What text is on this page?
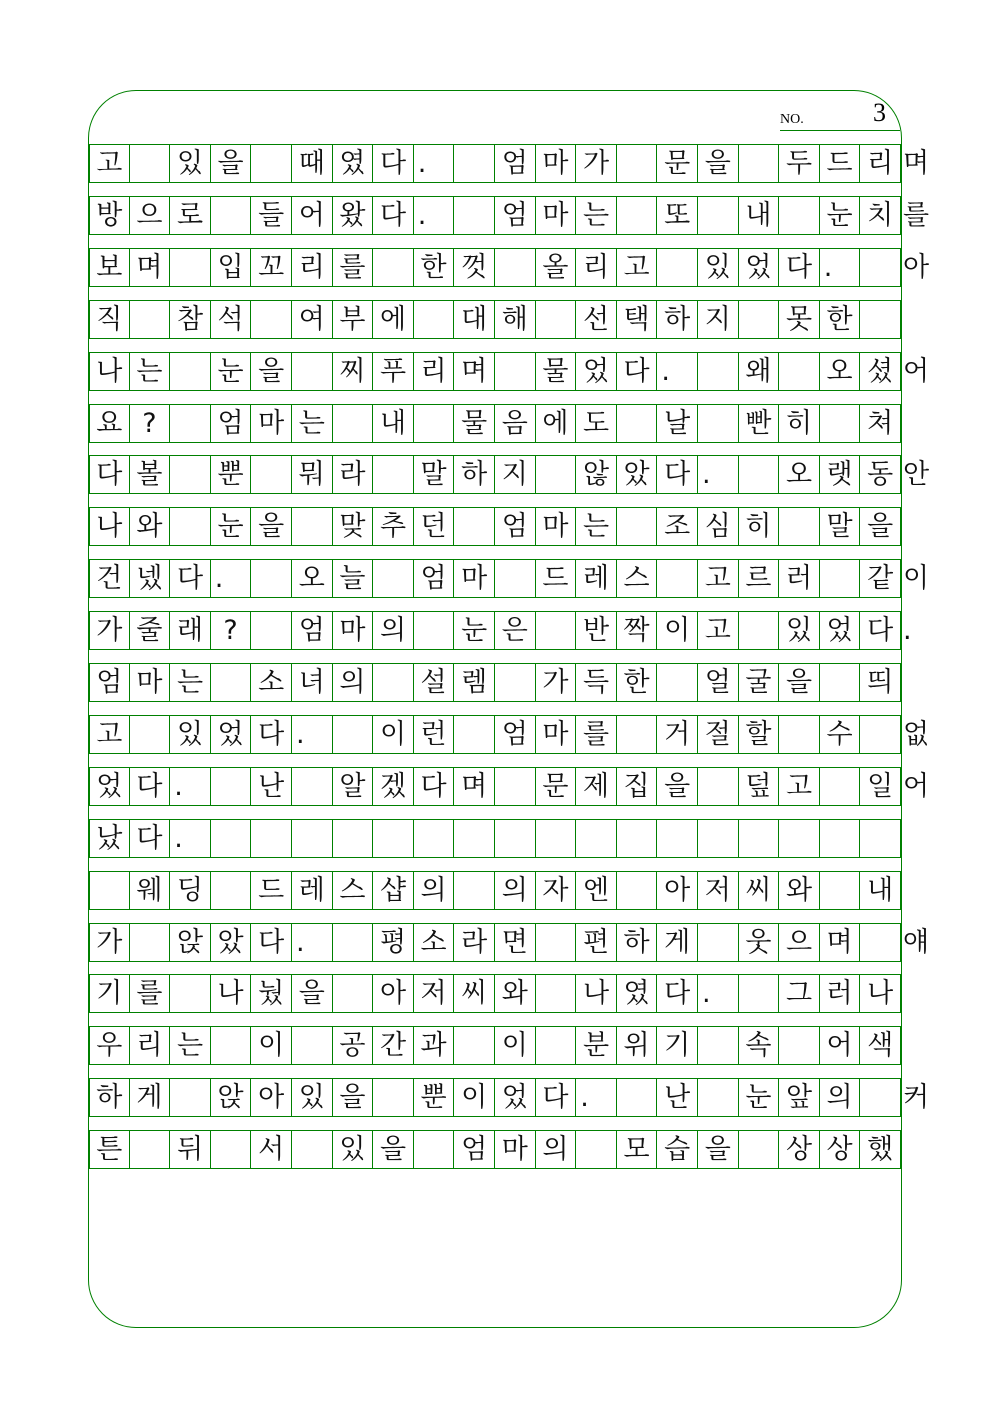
NO.	3
고 있 을 때 였 다 .	엄 마 가 문 을 두 드 리 며
방 으 로 들 어 왔 다 .	엄 마 는 또 내 눈 치 를
보 며 입 꼬 리 를 한 껏 올 리 고 있 었 다 .	아
직 참 석 여 부 에 대 해 선 택 하 지 못 한
나 는 눈 을 찌 푸 리 며 물 었 다 .	왜 오 셨 어
요 ?	엄 마 는 내 물 음 에 도 날 빤 히 쳐
다 볼 뿐 뭐 라 말 하 지 않 았 다 .	오 랫 동 안
나 와 눈 을 맞 추 던 엄 마 는 조 심 히 말 을
건 넸 다 .	오 늘 엄 마 드 레 스 고 르 러 같 이
가 줄 래 ?	엄 마 의 눈 은 반 짝 이 고 있 었 다 .
엄 마 는 소 녀 의 설 렘 가 득 한 얼 굴 을 띄
고 있 었 다 .	이 런 엄 마 를 거 절 할 수 없
었 다 .	난 알 겠 다 며 문 제 집 을 덮 고 일 어
났 다 .
웨 딩 드 레 스 샵 의 의 자 엔 아 저 씨 와 내
가 앉 았 다 .	평 소 라 면 편 하 게 웃 으 며 얘
기 를 나 눴 을 아 저 씨 와 나 였 다 .	그 러 나
우 리 는 이 공 간 과 이 분 위 기 속 어 색
하 게 앉 아 있 을 뿐 이 었 다 .	난 눈 앞 의 커
튼 뒤 서 있 을 엄 마 의 모 습 을 상 상 했
